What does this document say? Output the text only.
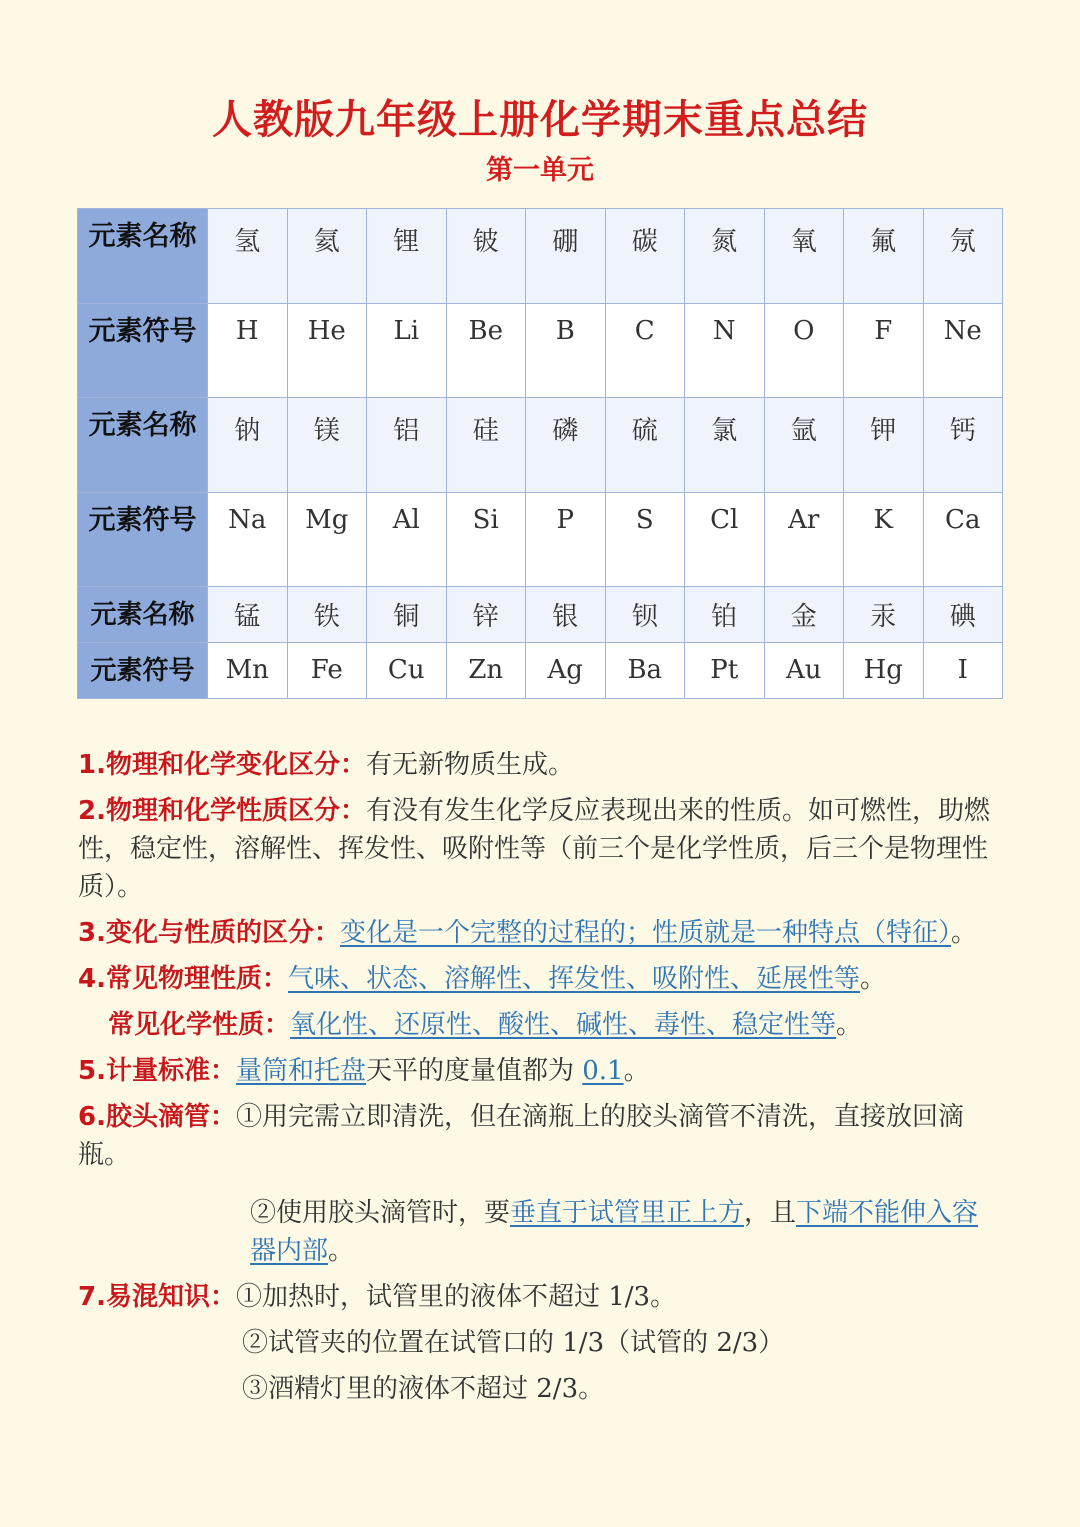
人教版九年级上册化学期末重点总结
第一单元
元素名称	氢	氦	锂	铍	硼	碳	氮	氧	氟	氖
元素符号	H	He	Li	Be	B	C	N	O	F	Ne
元素名称	钠	镁	铝	硅	磷	硫	氯	氩	钾	钙
元素符号	Na	Mg	Al	Si	P	S	Cl	Ar	K	Ca
元素名称	锰	铁	铜	锌	银	钡	铂	金	汞	碘
元素符号	Mn	Fe	Cu	Zn	Ag	Ba	Pt	Au	Hg	I

1.物理和化学变化区分：有无新物质生成。

2.物理和化学性质区分：有没有发生化学反应表现出来的性质。如可燃性，助燃性，稳定性，溶解性、挥发性、吸附性等（前三个是化学性质，后三个是物理性质）。

3.变化与性质的区分：变化是一个完整的过程的；性质就是一种特点（特征）。

4.常见物理性质：气味、状态、溶解性、挥发性、吸附性、延展性等。

常见化学性质：氧化性、还原性、酸性、碱性、毒性、稳定性等。

5.计量标准：量筒和托盘天平的度量值都为 0.1。

6.胶头滴管：①用完需立即清洗，但在滴瓶上的胶头滴管不清洗，直接放回滴瓶。

②使用胶头滴管时，要垂直于试管里正上方，且下端不能伸入容器内部。

7.易混知识：①加热时，试管里的液体不超过 1/3。

②试管夹的位置在试管口的 1/3（试管的 2/3）

③酒精灯里的液体不超过 2/3。
